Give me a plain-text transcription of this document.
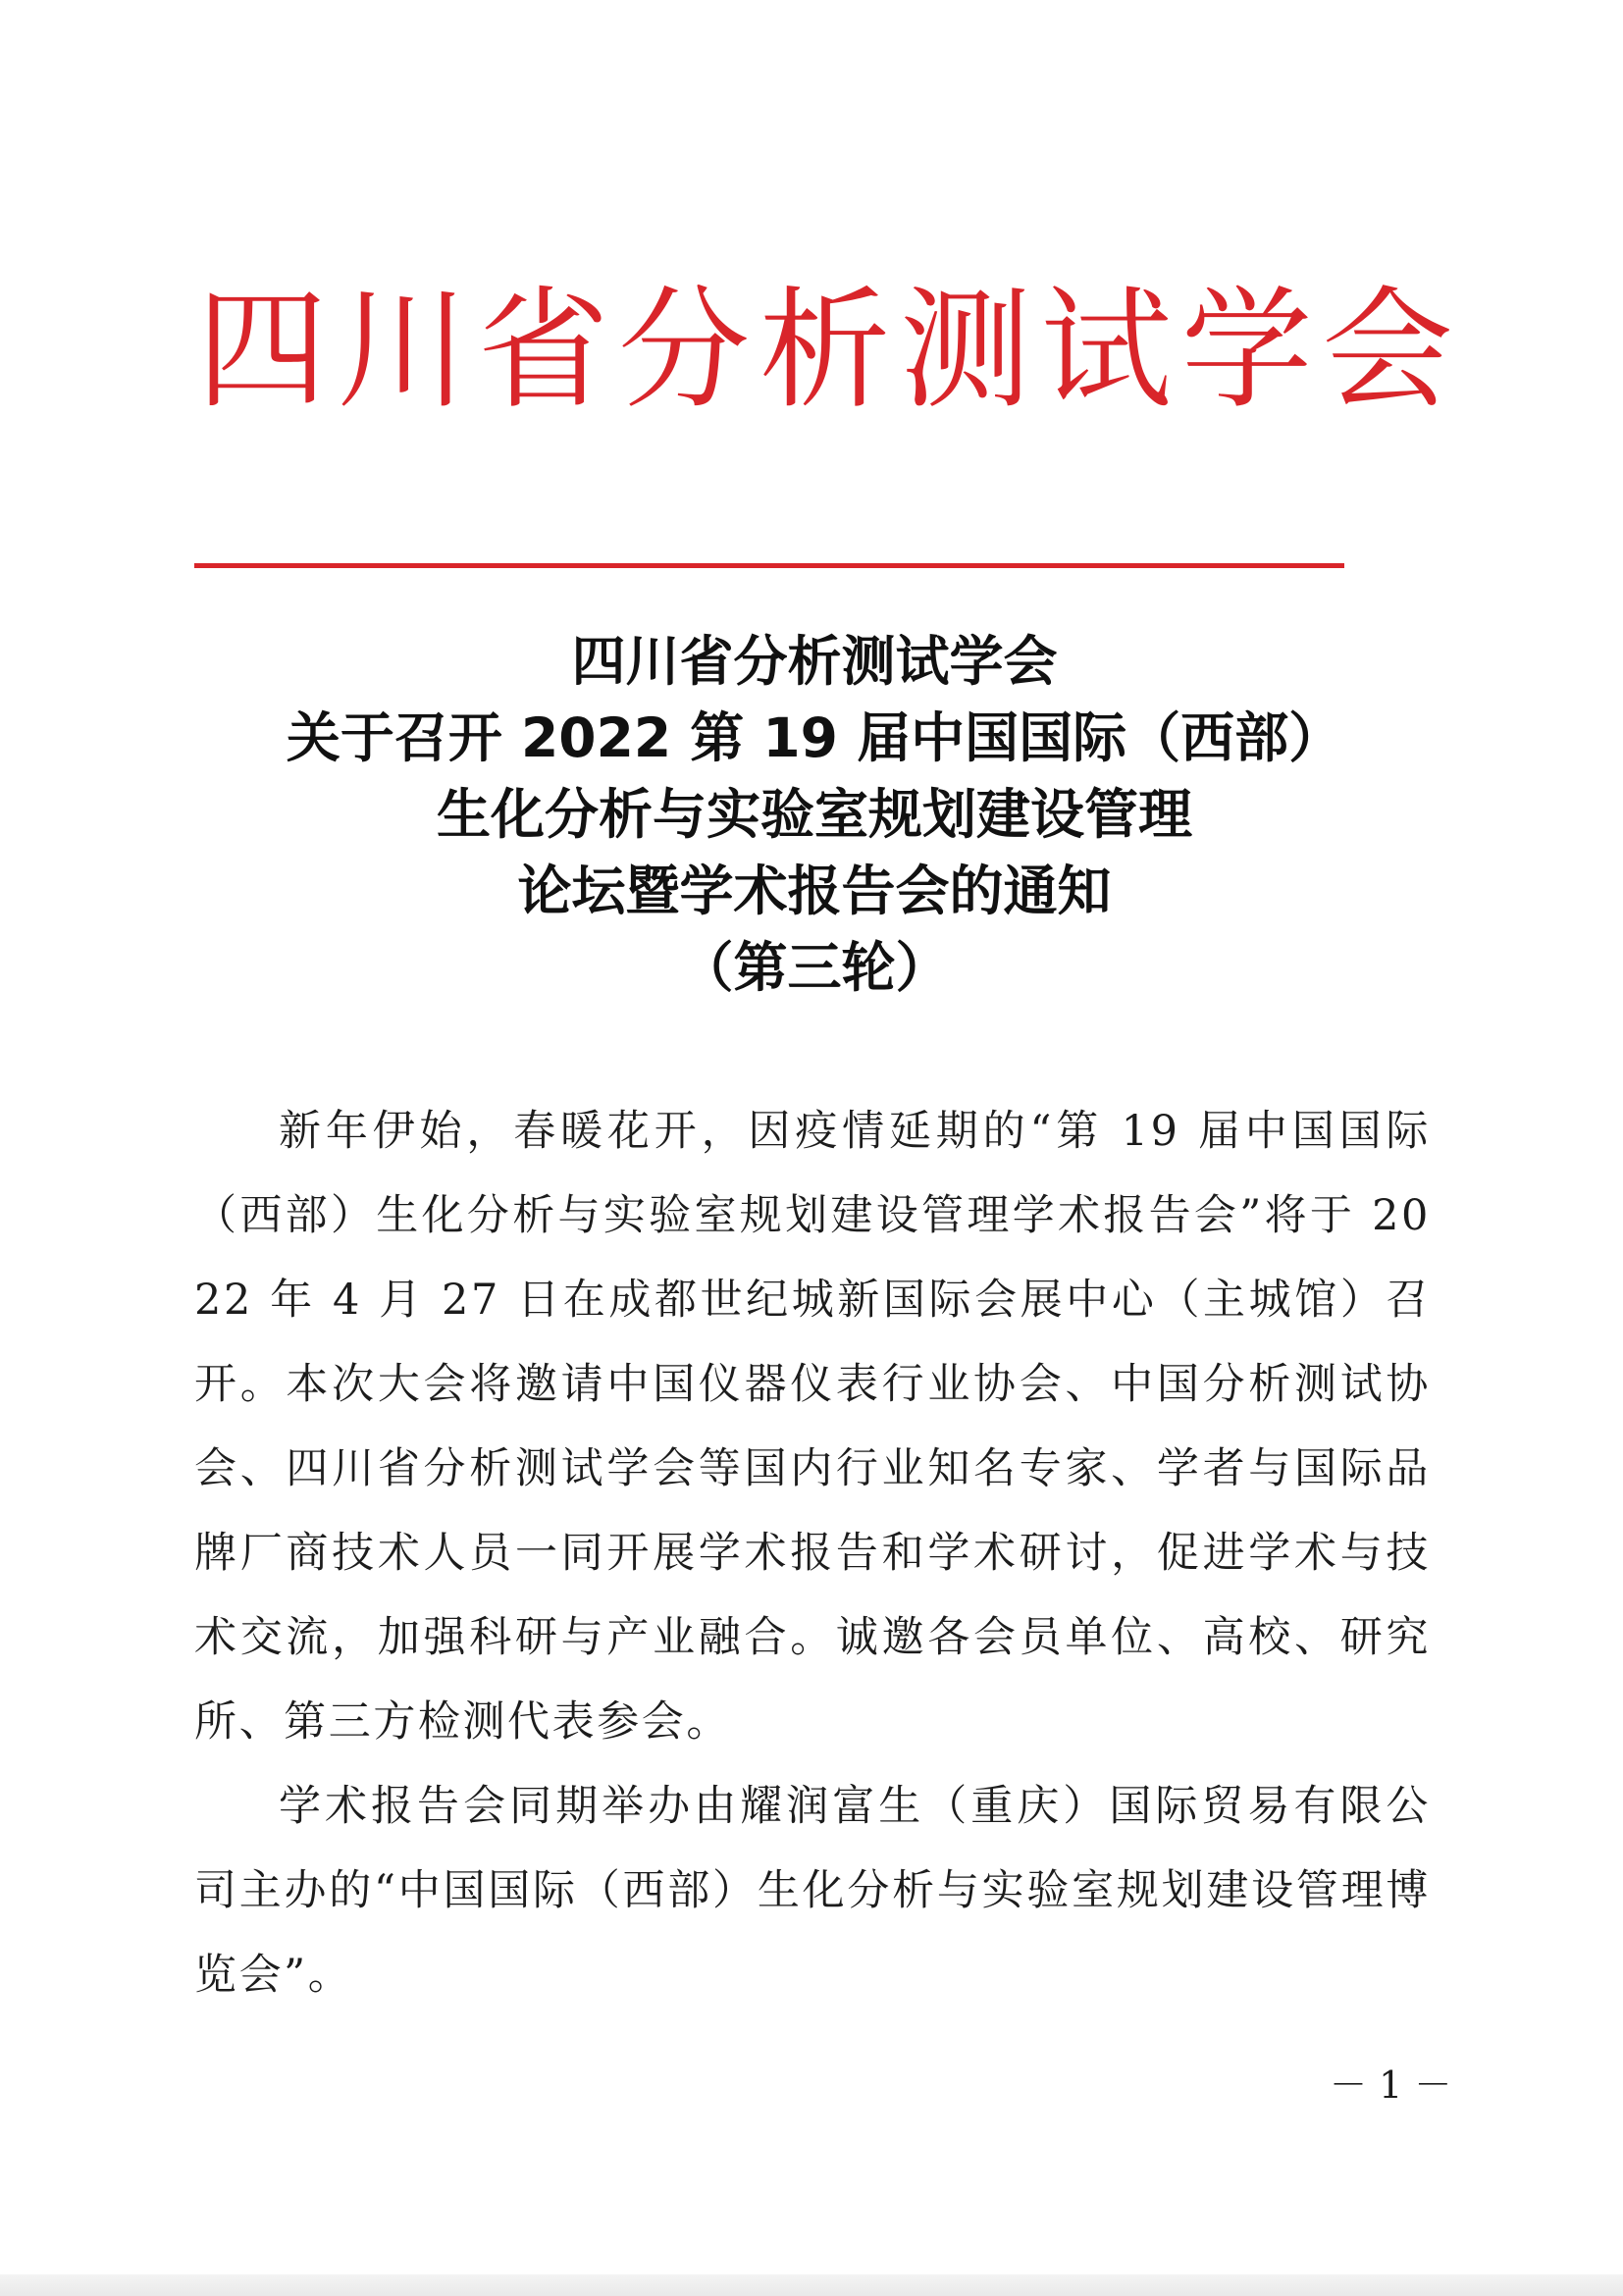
四川省分析测试学会
四川省分析测试学会
关于召开 2022 第 19 届中国国际（西部）
生化分析与实验室规划建设管理
论坛暨学术报告会的通知
（第三轮）

新年伊始，春暖花开，因疫情延期的“第 19 届中国国际（西部）生化分析与实验室规划建设管理学术报告会”将于 2022 年 4 月 27 日在成都世纪城新国际会展中心（主城馆）召开。本次大会将邀请中国仪器仪表行业协会、中国分析测试协会、四川省分析测试学会等国内行业知名专家、学者与国际品牌厂商技术人员一同开展学术报告和学术研讨，促进学术与技术交流，加强科研与产业融合。诚邀各会员单位、高校、研究所、第三方检测代表参会。

学术报告会同期举办由耀润富生（重庆）国际贸易有限公司主办的“中国国际（西部）生化分析与实验室规划建设管理博览会”。

－ 1 －
